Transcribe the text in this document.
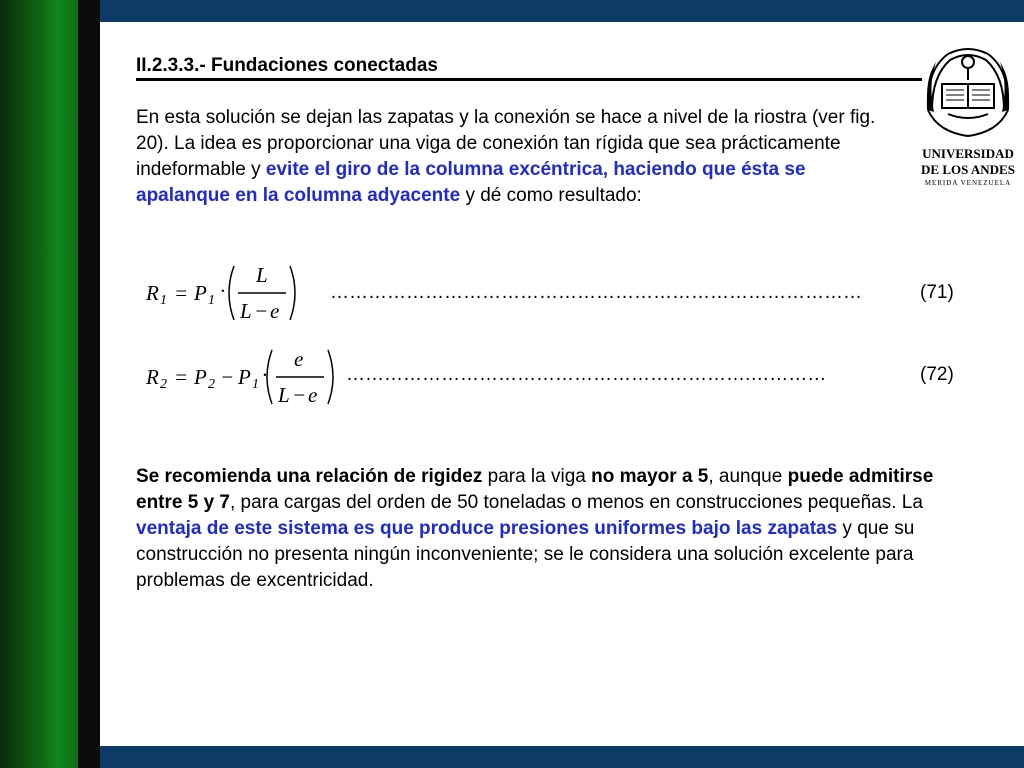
II.2.3.3.- Fundaciones conectadas
UNIVERSIDAD
DE LOS ANDES
MERIDA VENEZUELA

En esta solución se dejan las zapatas y la conexión se hace a nivel de la riostra (ver fig. 20). La idea es proporcionar una viga de conexión tan rígida que sea prácticamente indeformable y evite el giro de la columna excéntrica, haciendo que ésta se apalanque en la columna adyacente y dé como resultado:

R 1 = P 1 ·
L
L − e
…………………………………………………………………………	(71)
R 2 = P 2 − P 1 ·
e
L − e
……………………………………………………….…………	(72)

Se recomienda una relación de rigidez para la viga no mayor a 5, aunque puede admitirse entre 5 y 7, para cargas del orden de 50 toneladas o menos en construcciones pequeñas. La ventaja de este sistema es que produce presiones uniformes bajo las zapatas y que su construcción no presenta ningún inconveniente; se le considera una solución excelente para problemas de excentricidad.
